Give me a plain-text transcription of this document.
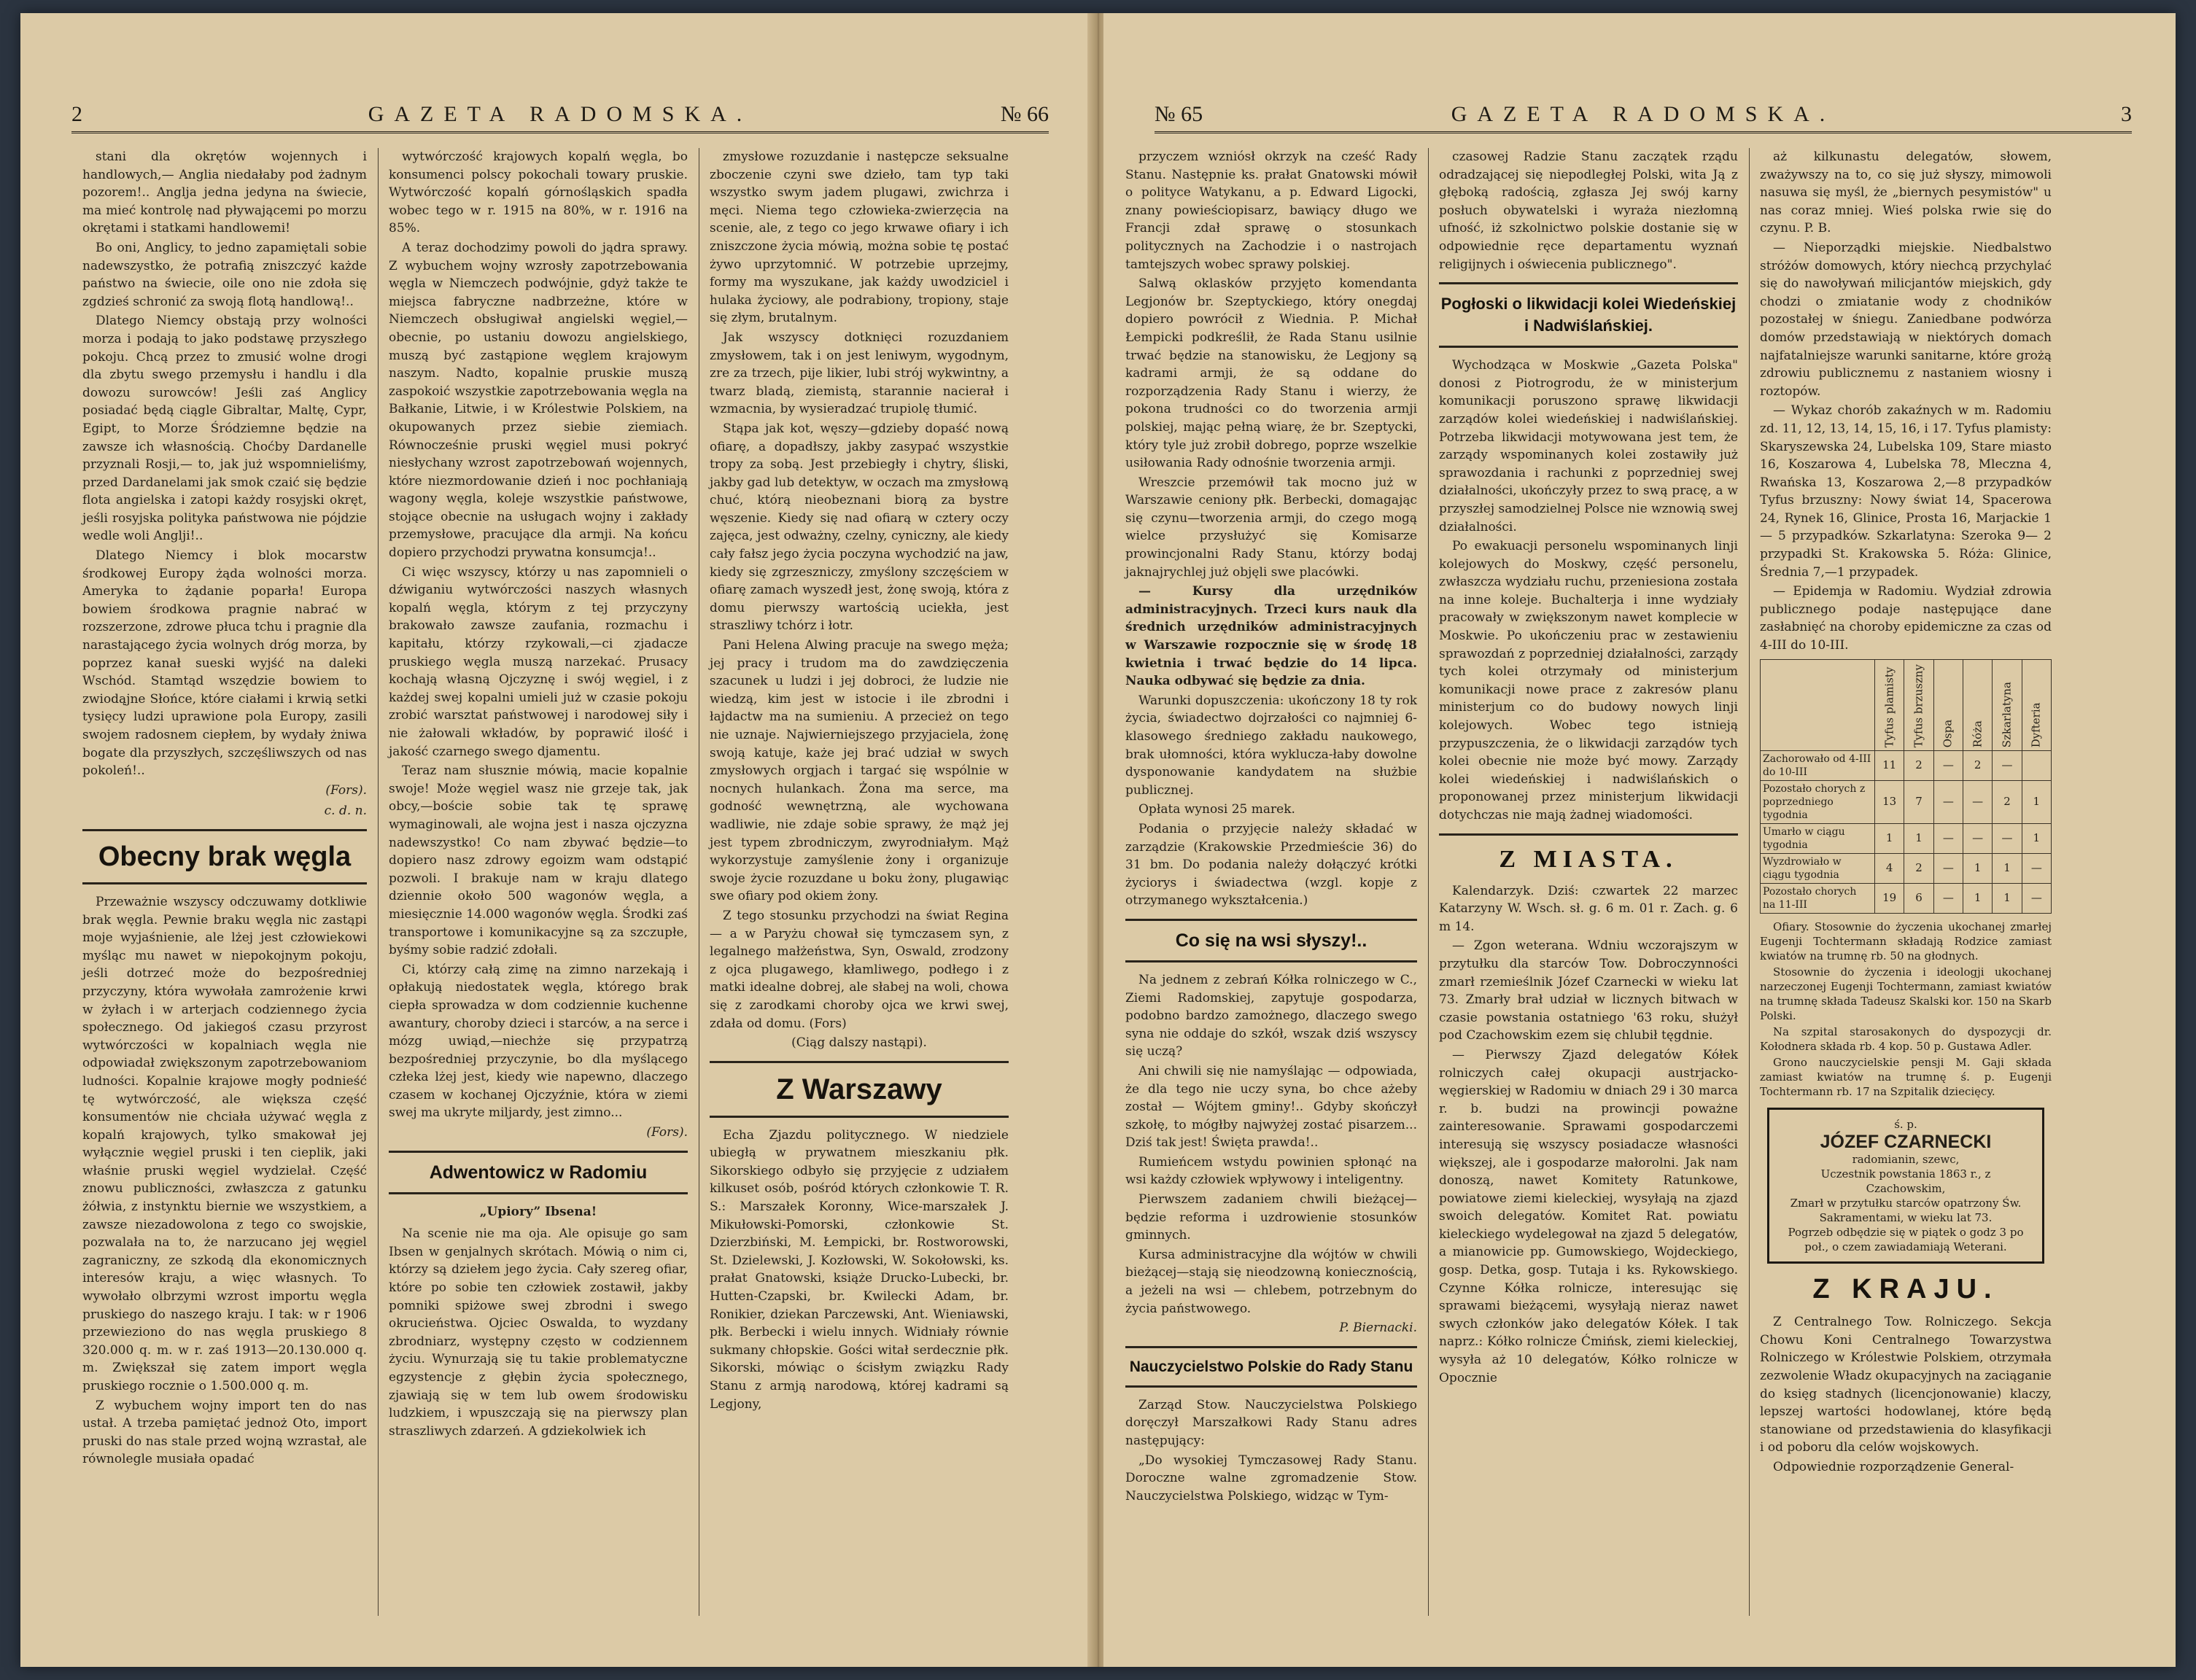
2	GAZETA RADOMSKA.	№ 66

stani dla okrętów wojennych i handlowych,— Anglia niedałaby pod żadnym pozorem!.. Anglja jedna jedyna na świecie, ma mieć kontrolę nad pływającemi po morzu okrętami i statkami handlowemi!

Bo oni, Anglicy, to jedno zapamiętali sobie nadewszystko, że potrafią zniszczyć każde państwo na świecie, oile ono nie zdoła się zgdzieś schronić za swoją flotą handlową!..

Dlatego Niemcy obstają przy wolności morza i podają to jako podstawę przyszłego pokoju. Chcą przez to zmusić wolne drogi dla zbytu swego przemysłu i handlu i dla dowozu surowców! Jeśli zaś Anglicy posiadać będą ciągle Gibraltar, Maltę, Cypr, Egipt, to Morze Śródziemne będzie na zawsze ich własnością. Choćby Dardanelle przyznali Rosji,— to, jak już wspomnieliśmy, przed Dardanelami jak smok czaić się będzie flota angielska i zatopi każdy rosyjski okręt, jeśli rosyjska polityka państwowa nie pójdzie wedle woli Anglji!..

Dlatego Niemcy i blok mocarstw środkowej Europy żąda wolności morza. Ameryka to żądanie poparła! Europa bowiem środkowa pragnie nabrać w rozszerzone, zdrowe płuca tchu i pragnie dla narastającego życia wolnych dróg morza, by poprzez kanał sueski wyjść na daleki Wschód. Stamtąd wszędzie bowiem to zwiodąjne Słońce, które ciałami i krwią setki tysięcy ludzi uprawione pola Europy, zasili swojem radosnem ciepłem, by wydały żniwa bogate dla przyszłych, szczęśliwszych od nas pokoleń!..

(Fors).
c. d. n.
Obecny brak węgla

Przeważnie wszyscy odczuwamy dotkliwie brak węgla. Pewnie braku węgla nic zastąpi moje wyjaśnienie, ale lżej jest człowiekowi myśląc mu nawet w niepokojnym pokoju, jeśli dotrzeć może do bezpośredniej przyczyny, która wywołała zamrożenie krwi w żyłach i w arterjach codziennego życia społecznego. Od jakiegoś czasu przyrost wytwórczości w kopalniach węgla nie odpowiadał zwiększonym zapotrzebowaniom ludności. Kopalnie krajowe mogły podnieść tę wytwórczość, ale większa część konsumentów nie chciała używać węgla z kopalń krajowych, tylko smakował jej wyłącznie węgiel pruski i ten cieplik, jaki właśnie pruski węgiel wydzielał. Część znowu publiczności, zwłaszcza z gatunku żółwia, z instynktu biernie we wszystkiem, a zawsze niezadowolona z tego co swojskie, pozwalała na to, że narzucano jej węgiel zagraniczny, ze szkodą dla ekonomicznych interesów kraju, a więc własnych. To wywołało olbrzymi wzrost importu węgla pruskiego do naszego kraju. I tak: w r 1906 przewieziono do nas węgla pruskiego 8 320.000 q. m. w r. zaś 1913—20.130.000 q. m. Zwiększał się zatem import węgla pruskiego rocznie o 1.500.000 q. m.

Z wybuchem wojny import ten do nas ustał. A trzeba pamiętać jednoż Oto, import pruski do nas stale przed wojną wzrastał, ale równolegle musiała opadać

wytwórczość krajowych kopalń węgla, bo konsumenci polscy pokochali towary pruskie. Wytwórczość kopalń górnośląskich spadła wobec tego w r. 1915 na 80%, w r. 1916 na 85%.

A teraz dochodzimy powoli do jądra sprawy. Z wybuchem wojny wzrosły zapotrzebowania węgla w Niemczech podwójnie, gdyż także te miejsca fabryczne nadbrzeżne, które w Niemczech obsługiwał angielski węgiel,—obecnie, po ustaniu dowozu angielskiego, muszą być zastąpione węglem krajowym naszym. Nadto, kopalnie pruskie muszą zaspokoić wszystkie zapotrzebowania węgla na Bałkanie, Litwie, i w Królestwie Polskiem, na okupowanych przez siebie ziemiach. Równocześnie pruski węgiel musi pokryć niesłychany wzrost zapotrzebowań wojennych, które niezmordowanie dzień i noc pochłaniają wagony węgla, koleje wszystkie państwowe, stojące obecnie na usługach wojny i zakłady przemysłowe, pracujące dla armji. Na końcu dopiero przychodzi prywatna konsumcja!..

Ci więc wszyscy, którzy u nas zapomnieli o dźwiganiu wytwórczości naszych własnych kopalń węgla, którym z tej przyczyny brakowało zawsze zaufania, rozmachu i kapitału, którzy rzykowali,—ci zjadacze pruskiego węgla muszą narzekać. Prusacy kochają własną Ojczyznę i swój węgiel, i z każdej swej kopalni umieli już w czasie pokoju zrobić warsztat państwowej i narodowej siły i nie żałowali wkładów, by poprawić ilość i jakość czarnego swego djamentu.

Teraz nam słusznie mówią, macie kopalnie swoje! Może węgiel wasz nie grzeje tak, jak obcy,—boście sobie tak tę sprawę wymaginowali, ale wojna jest i nasza ojczyzna nadewszystko! Co nam zbywać będzie—to dopiero nasz zdrowy egoizm wam odstąpić pozwoli. I brakuje nam w kraju dlatego dziennie około 500 wagonów węgla, a miesięcznie 14.000 wagonów węgla. Środki zaś transportowe i komunikacyjne są za szczupłe, byśmy sobie radzić zdołali.

Ci, którzy całą zimę na zimno narzekają i opłakują niedostatek węgla, którego brak ciepła sprowadza w dom codziennie kuchenne awantury, choroby dzieci i starców, a na serce i mózg uwiąd,—niechże się przypatrzą bezpośredniej przyczynie, bo dla myślącego człeka lżej jest, kiedy wie napewno, dlaczego czasem w kochanej Ojczyźnie, która w ziemi swej ma ukryte miljardy, jest zimno...

(Fors).
Adwentowicz w Radomiu
„Upiory” Ibsena!

Na scenie nie ma oja. Ale opisuje go sam Ibsen w genjalnych skrótach. Mówią o nim ci, którzy są dziełem jego życia. Cały szereg ofiar, które po sobie ten człowiek zostawił, jakby pomniki spiżowe swej zbrodni i swego okrucieństwa. Ojciec Oswalda, to wyzdany zbrodniarz, występny często w codziennem życiu. Wynurzają się tu takie problematyczne egzystencje z głębin życia społecznego, zjawiają się w tem lub owem środowisku ludzkiem, i wpuszczają się na pierwszy plan straszliwych zdarzeń. A gdziekolwiek ich

zmysłowe rozuzdanie i następcze seksualne zboczenie czyni swe dzieło, tam typ taki wszystko swym jadem plugawi, zwichrza i męci. Niema tego człowieka-zwierzęcia na scenie, ale, z tego co jego krwawe ofiary i ich zniszczone życia mówią, można sobie tę postać żywo uprzytomnić. W potrzebie uprzejmy, formy ma wyszukane, jak każdy uwodziciel i hulaka życiowy, ale podrabiony, tropiony, staje się złym, brutalnym.

Jak wszyscy dotknięci rozuzdaniem zmysłowem, tak i on jest leniwym, wygodnym, zre za trzech, pije likier, lubi strój wykwintny, a twarz bladą, ziemistą, starannie nacierał i wzmacnia, by wysieradzać trupiolę tłumić.

Stąpa jak kot, węszy—gdzieby dopaść nową ofiarę, a dopadłszy, jakby zasypać wszystkie tropy za sobą. Jest przebiegły i chytry, śliski, jakby gad lub detektyw, w oczach ma zmysłową chuć, którą nieobeznani biorą za bystre węszenie. Kiedy się nad ofiarą w cztery oczy zajęca, jest odważny, czelny, cyniczny, ale kiedy cały fałsz jego życia poczyna wychodzić na jaw, kiedy się zgrzeszniczy, zmyślony szczęściem w ofiarę zamach wyszedł jest, żonę swoją, która z domu pierwszy wartością uciekła, jest straszliwy tchórz i łotr.

Pani Helena Alwing pracuje na swego męża; jej pracy i trudom ma do zawdzięczenia szacunek u ludzi i jej dobroci, że ludzie nie wiedzą, kim jest w istocie i ile zbrodni i łajdactw ma na sumieniu. A przecież on tego nie uznaje. Najwierniejszego przyjaciela, żonę swoją katuje, każe jej brać udział w swych zmysłowych orgjach i targać się wspólnie w nocnych hulankach. Żona ma serce, ma godność wewnętrzną, ale wychowana wadliwie, nie zdaje sobie sprawy, że mąż jej jest typem zbrodniczym, zwyrodniałym. Mąż wykorzystuje zamyślenie żony i organizuje swoje życie rozuzdane u boku żony, plugawiąc swe ofiary pod okiem żony.

Z tego stosunku przychodzi na świat Regina — a w Paryżu chował się tymczasem syn, z legalnego małżeństwa, Syn, Oswald, zrodzony z ojca plugawego, kłamliwego, podłego i z matki idealne dobrej, ale słabej na woli, chowa się z zarodkami choroby ojca we krwi swej, zdała od domu. (Fors)

(Ciąg dalszy nastąpi).
Z Warszawy

Echa Zjazdu politycznego. W niedziele ubiegłą w prywatnem mieszkaniu płk. Sikorskiego odbyło się przyjęcie z udziałem kilkuset osób, pośród których członkowie T. R. S.: Marszałek Koronny, Wice-marszałek J. Mikułowski-Pomorski, członkowie St. Dzierzbiński, M. Łempicki, br. Rostworowski, St. Dzielewski, J. Kozłowski, W. Sokołowski, ks. prałat Gnatowski, książe Drucko-Lubecki, br. Hutten-Czapski, br. Kwilecki Adam, br. Ronikier, dziekan Parczewski, Ant. Wieniawski, płk. Berbecki i wielu innych. Widniały równie sukmany chłopskie. Gości witał serdecznie płk. Sikorski, mówiąc o ścisłym związku Rady Stanu z armją narodową, której kadrami są Legjony,

№ 65	GAZETA RADOMSKA.	3

przyczem wzniósł okrzyk na cześć Rady Stanu. Następnie ks. prałat Gnatowski mówił o polityce Watykanu, a p. Edward Ligocki, znany powieściopisarz, bawiący długo we Francji zdał sprawę o stosunkach politycznych na Zachodzie i o nastrojach tamtejszych wobec sprawy polskiej.

Salwą oklasków przyjęto komendanta Legjonów br. Szeptyckiego, który onegdaj dopiero powrócił z Wiednia. P. Michał Łempicki podkreślił, że Rada Stanu usilnie trwać będzie na stanowisku, że Legjony są kadrami armji, że są oddane do rozporządzenia Rady Stanu i wierzy, że pokona trudności co do tworzenia armji polskiej, mając pełną wiarę, że br. Szeptycki, który tyle już zrobił dobrego, poprze wszelkie usiłowania Rady odnośnie tworzenia armji.

Wreszcie przemówił tak mocno już w Warszawie ceniony płk. Berbecki, domagając się czynu—tworzenia armji, do czego mogą wielce przysłużyć się Komisarze prowincjonalni Rady Stanu, którzy bodaj jaknajrychlej już objęli swe placówki.

— Kursy dla urzędników administracyjnych. Trzeci kurs nauk dla średnich urzędników administracyjnych w Warszawie rozpocznie się w środę 18 kwietnia i trwać będzie do 14 lipca. Nauka odbywać się będzie za dnia.

Warunki dopuszczenia: ukończony 18 ty rok życia, świadectwo dojrzałości co najmniej 6-klasowego średniego zakładu naukowego, brak ułomności, która wyklucza-łaby dowolne dysponowanie kandydatem na służbie publicznej.

Opłata wynosi 25 marek.

Podania o przyjęcie należy składać w zarządzie (Krakowskie Przedmieście 36) do 31 bm. Do podania należy dołączyć krótki życiorys i świadectwa (wzgl. kopje z otrzymanego wykształcenia.)

Co się na wsi słyszy!..

Na jednem z zebrań Kółka rolniczego w C., Ziemi Radomskiej, zapytuje gospodarza, podobno bardzo zamożnego, dlaczego swego syna nie oddaje do szkół, wszak dziś wszyscy się uczą?

Ani chwili się nie namyślając — odpowiada, że dla tego nie uczy syna, bo chce ażeby został — Wójtem gminy!.. Gdyby skończył szkołę, to mógłby najwyżej zostać pisarzem... Dziś tak jest! Święta prawda!..

Rumieńcem wstydu powinien spłonąć na wsi każdy człowiek wpływowy i inteligentny.

Pierwszem zadaniem chwili bieżącej—będzie reforma i uzdrowienie stosunków gminnych.

Kursa administracyjne dla wójtów w chwili bieżącej—stają się nieodzowną koniecznością, a jeżeli na wsi — chlebem, potrzebnym do życia państwowego.

P. Biernacki.
Nauczycielstwo Polskie do Rady Stanu

Zarząd Stow. Nauczycielstwa Polskiego doręczył Marszałkowi Rady Stanu adres następujący:

„Do wysokiej Tymczasowej Rady Stanu. Doroczne walne zgromadzenie Stow. Nauczycielstwa Polskiego, widząc w Tym-

czasowej Radzie Stanu zaczątek rządu odradzającej się niepodległej Polski, wita Ją z głęboką radością, zgłasza Jej swój karny posłuch obywatelski i wyraża niezłomną ufność, iż szkolnictwo polskie dostanie się w odpowiednie ręce departamentu wyznań religijnych i oświecenia publicznego".

Pogłoski o likwidacji kolei Wiedeńskiej i Nadwiślańskiej.

Wychodząca w Moskwie „Gazeta Polska" donosi z Piotrogrodu, że w ministerjum komunikacji poruszono sprawę likwidacji zarządów kolei wiedeńskiej i nadwiślańskiej. Potrzeba likwidacji motywowana jest tem, że zarządy wspominanych kolei zostawiły już sprawozdania i rachunki z poprzedniej swej działalności, ukończyły przez to swą pracę, a w przyszłej samodzielnej Polsce nie wznowią swej działalności.

Po ewakuacji personelu wspominanych linji kolejowych do Moskwy, część personelu, zwłaszcza wydziału ruchu, przeniesiona została na inne koleje. Buchalterja i inne wydziały pracowały w zwiększonym nawet komplecie w Moskwie. Po ukończeniu prac w zestawieniu sprawozdań z poprzedniej działalności, zarządy tych kolei otrzymały od ministerjum komunikacji nowe prace z zakresów planu ministerjum co do budowy nowych linji kolejowych. Wobec tego istnieją przypuszczenia, że o likwidacji zarządów tych kolei obecnie nie może być mowy. Zarządy kolei wiedeńskiej i nadwiślańskich o proponowanej przez ministerjum likwidacji dotychczas nie mają żadnej wiadomości.

Z MIASTA.

Kalendarzyk. Dziś: czwartek 22 marzec Katarzyny W. Wsch. sł. g. 6 m. 01 r. Zach. g. 6 m 14.

— Zgon weterana. Wdniu wczorajszym w przytułku dla starców Tow. Dobroczynności zmarł rzemieślnik Józef Czarnecki w wieku lat 73. Zmarły brał udział w licznych bitwach w czasie powstania ostatniego '63 roku, służył pod Czachowskim ezem się chlubił tęgdnie.

— Pierwszy Zjazd delegatów Kółek rolniczych całej okupacji austrjacko-węgierskiej w Radomiu w dniach 29 i 30 marca r. b. budzi na prowincji poważne zainteresowanie. Sprawami gospodarczemi interesują się wszyscy posiadacze własności większej, ale i gospodarze małorolni. Jak nam donoszą, nawet Komitety Ratunkowe, powiatowe ziemi kieleckiej, wysyłają na zjazd swoich delegatów. Komitet Rat. powiatu kieleckiego wydelegował na zjazd 5 delegatów, a mianowicie pp. Gumowskiego, Wojdeckiego, gosp. Detka, gosp. Tutaja i ks. Rykowskiego. Czynne Kółka rolnicze, interesując się sprawami bieżącemi, wysyłają nieraz nawet swych członków jako delegatów Kółek. I tak naprz.: Kółko rolnicze Ćmińsk, ziemi kieleckiej, wysyła aż 10 delegatów, Kółko rolnicze w Opocznie

aż kilkunastu delegatów, słowem, zważywszy na to, co się już słyszy, mimowoli nasuwa się myśl, że „biernych pesymistów" u nas coraz mniej. Wieś polska rwie się do czynu. P. B.

— Nieporządki miejskie. Niedbalstwo stróżów domowych, który niechcą przychylać się do nawoływań milicjantów miejskich, gdy chodzi o zmiatanie wody z chodników pozostałej w śniegu. Zaniedbane podwórza domów przedstawiają w niektórych domach najfatalniejsze warunki sanitarne, które grożą zdrowiu publicznemu z nastaniem wiosny i roztopów.

— Wykaz chorób zakaźnych w m. Radomiu zd. 11, 12, 13, 14, 15, 16, i 17. Tyfus plamisty: Skaryszewska 24, Lubelska 109, Stare miasto 16, Koszarowa 4, Lubelska 78, Mleczna 4, Rwańska 13, Koszarowa 2,—8 przypadków Tyfus brzuszny: Nowy świat 14, Spacerowa 24, Rynek 16, Glinice, Prosta 16, Marjackie 1— 5 przypadków. Szkarlatyna: Szeroka 9— 2 przypadki St. Krakowska 5. Róża: Glinice, Średnia 7,—1 przypadek.

— Epidemja w Radomiu. Wydział zdrowia publicznego podaje następujące dane zasłabnięć na choroby epidemiczne za czas od 4-III do 10-III.

	Tyfus plamisty	Tyfus brzuszny	Ospa	Róża	Szkarlatyna	Dyfteria
Zachorowało od 4-III do 10-III	11	2	—	2	—	
Pozostało chorych z poprzedniego tygodnia	13	7	—	—	2	1
Umarło w ciągu tygodnia	1	1	—	—	—	1
Wyzdrowiało w ciągu tygodnia	4	2	—	1	1	—
Pozostało chorych na 11-III	19	6	—	1	1	—

Ofiary. Stosownie do życzenia ukochanej zmarłej Eugenji Tochtermann składają Rodzice zamiast kwiatów na trumnę rb. 50 na głodnych.

Stosownie do życzenia i ideologji ukochanej narzeczonej Eugenji Tochtermann, zamiast kwiatów na trumnę składa Tadeusz Skalski kor. 150 na Skarb Polski.

Na szpital starosakonych do dyspozycji dr. Kołodnera składa rb. 4 kop. 50 p. Gustawa Adler.

Grono nauczycielskie pensji M. Gaji składa zamiast kwiatów na trumnę ś. p. Eugenji Tochtermann rb. 17 na Szpitalik dziecięcy.

ś. p.
JÓZEF CZARNECKI
radomianin, szewc,
Uczestnik powstania 1863 r., z Czachowskim,
Zmarł w przytułku starców opatrzony Św. Sakramentami, w wieku lat 73.
Pogrzeb odbędzie się w piątek o godz 3 po poł., o czem zawiadamiają Weterani.
Z KRAJU.

Z Centralnego Tow. Rolniczego. Sekcja Chowu Koni Centralnego Towarzystwa Rolniczego w Królestwie Polskiem, otrzymała zezwolenie Władz okupacyjnych na zaciąganie do księg stadnych (licencjonowanie) klaczy, lepszej wartości hodowlanej, które będą stanowiane od przedstawienia do klasyfikacji i od poboru dla celów wojskowych.

Odpowiednie rozporządzenie General-
